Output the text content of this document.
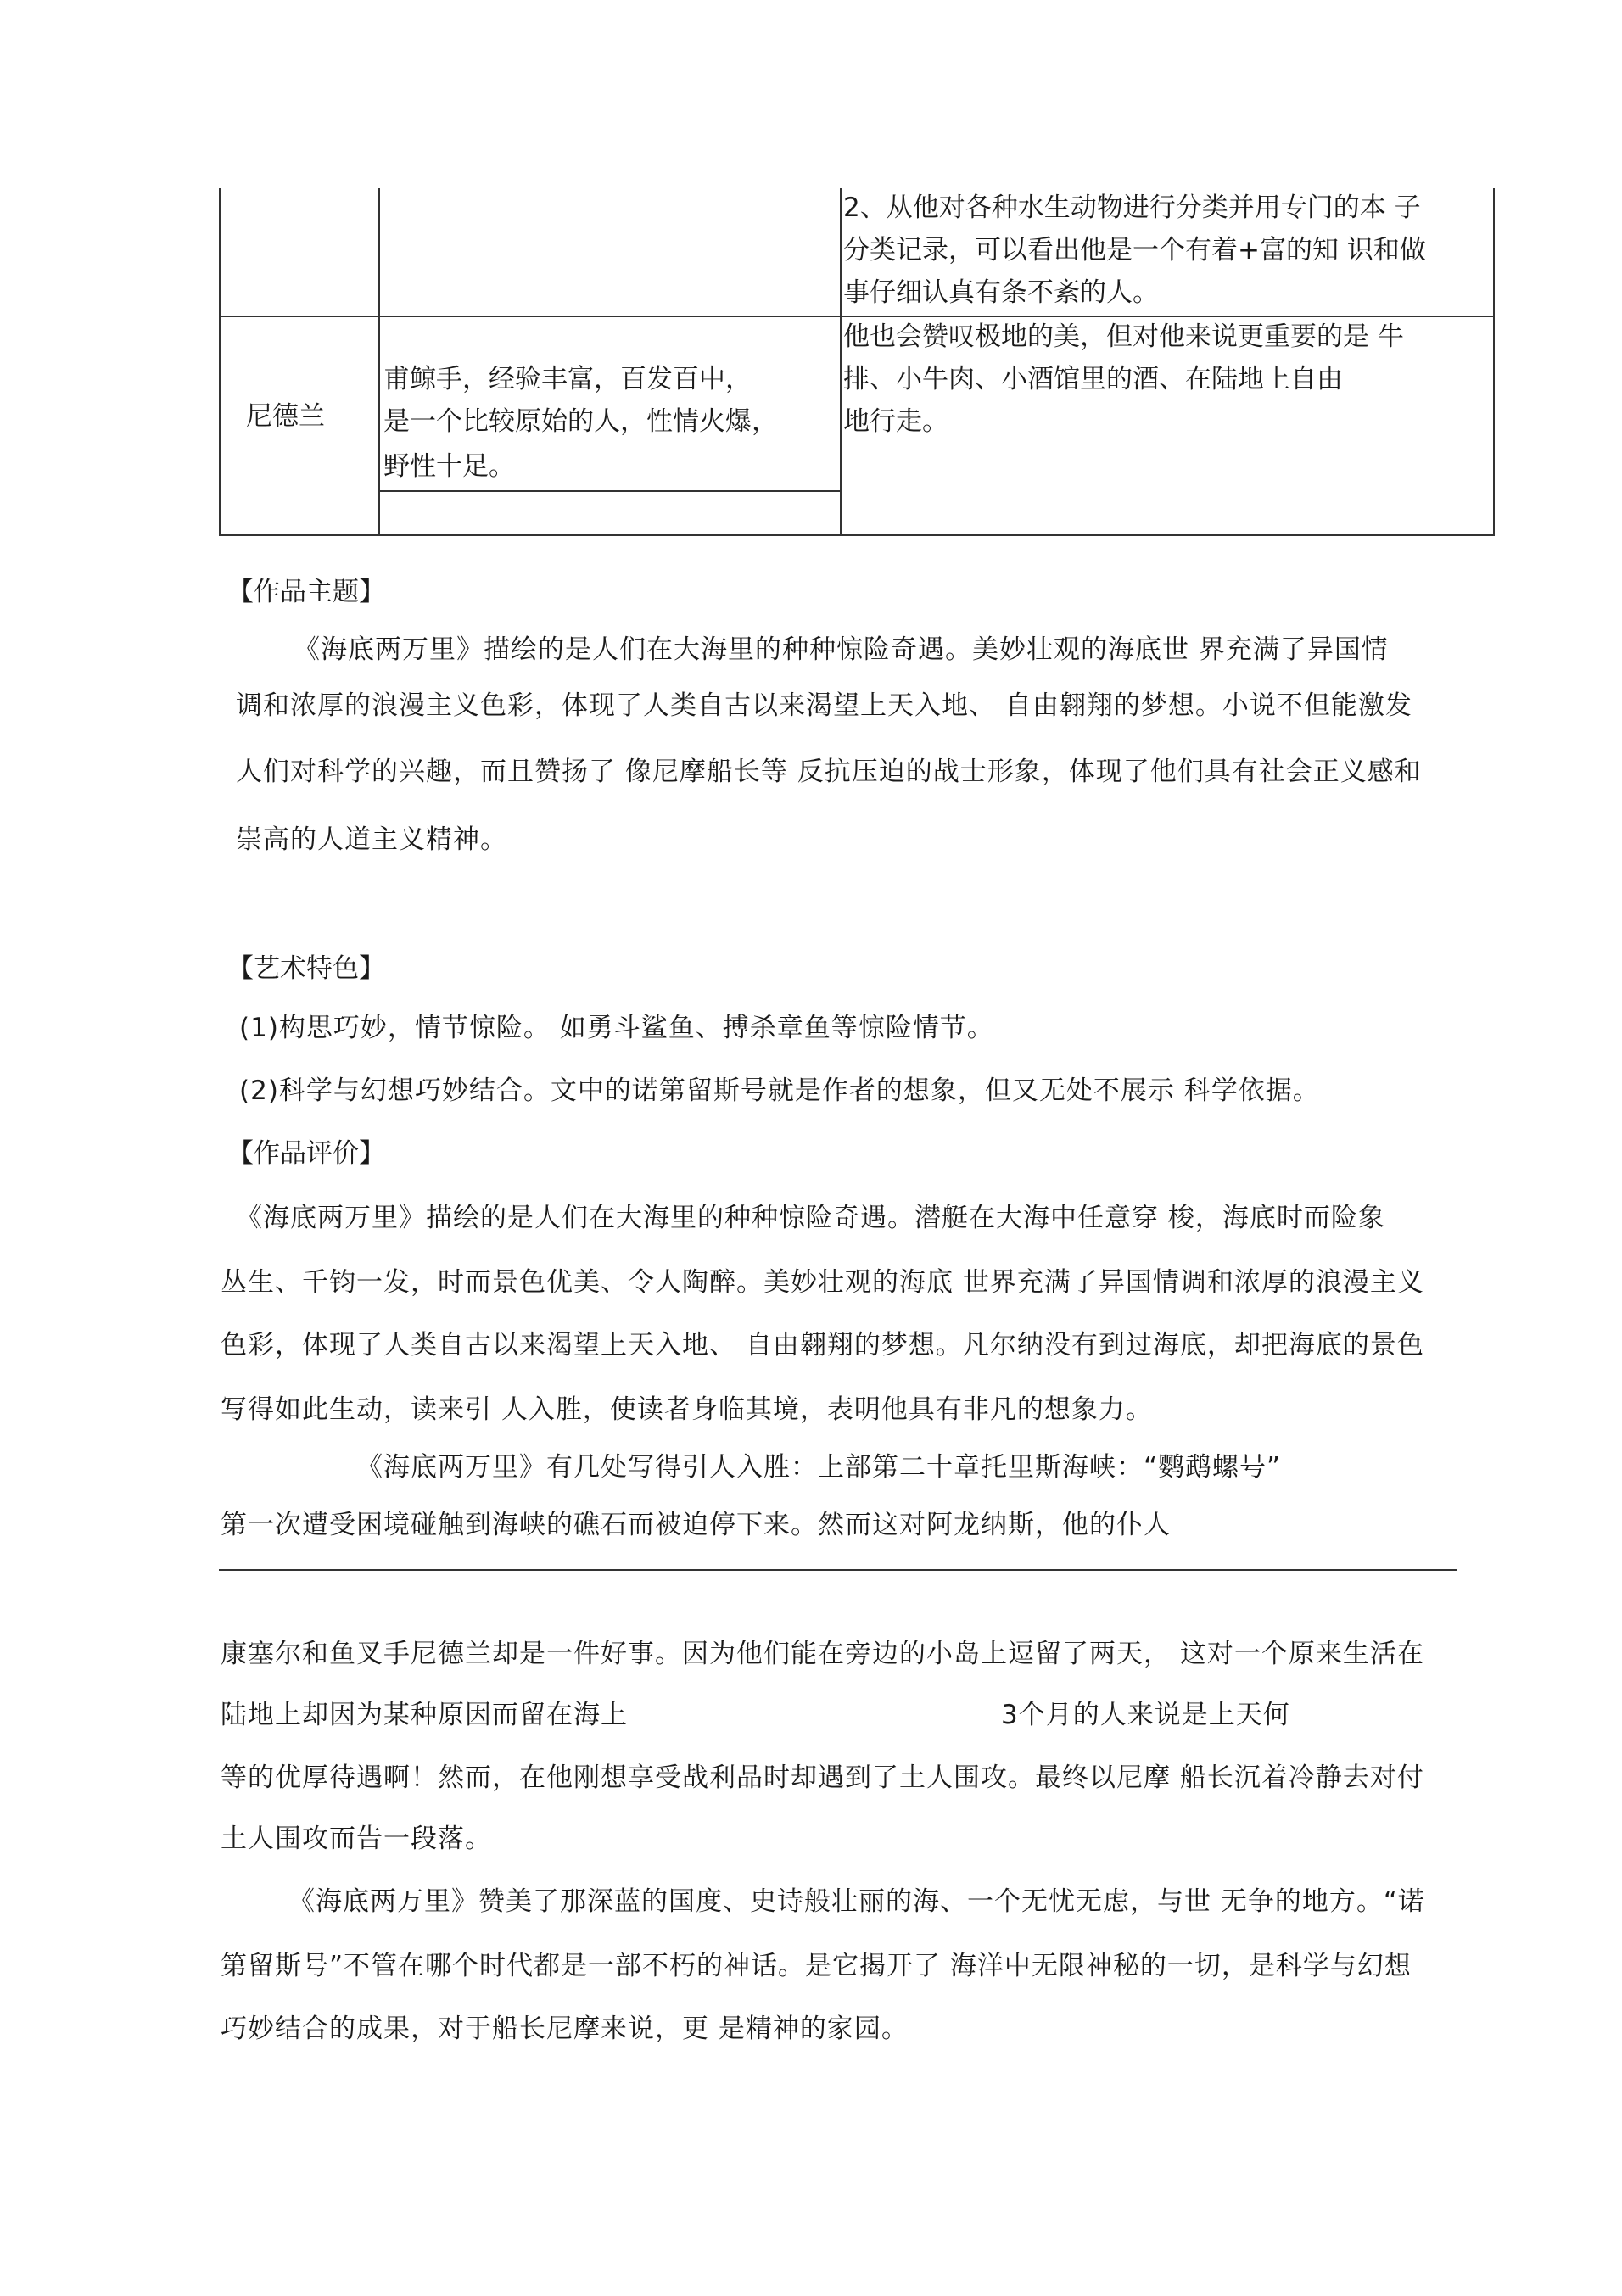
2、从他对各种水生动物进行分类并用专门的本 子
分类记录，可以看出他是一个有着+富的知 识和做
事仔细认真有条不紊的人。
尼德兰
甫鲸手，经验丰富，百发百中，
是一个比较原始的人，性情火爆，
野性十足。
他也会赞叹极地的美，但对他来说更重要的是 牛
排、小牛肉、小酒馆里的酒、在陆地上自由
地行走。
【作品主题】
《海底两万里》描绘的是人们在大海里的种种惊险奇遇。美妙壮观的海底世 界充满了异国情
调和浓厚的浪漫主义色彩，体现了人类自古以来渴望上天入地、 自由翱翔的梦想。小说不但能激发
人们对科学的兴趣，而且赞扬了 像尼摩船长等 反抗压迫的战士形象，体现了他们具有社会正义感和
崇高的人道主义精神。
【艺术特色】
(1)构思巧妙，情节惊险。 如勇斗鲨鱼、搏杀章鱼等惊险情节。
(2)科学与幻想巧妙结合。文中的诺第留斯号就是作者的想象，但又无处不展示 科学依据。
【作品评价】
《海底两万里》描绘的是人们在大海里的种种惊险奇遇。潜艇在大海中任意穿 梭，海底时而险象
丛生、千钧一发，时而景色优美、令人陶醉。美妙壮观的海底 世界充满了异国情调和浓厚的浪漫主义
色彩，体现了人类自古以来渴望上天入地、 自由翱翔的梦想。凡尔纳没有到过海底，却把海底的景色
写得如此生动，读来引 人入胜，使读者身临其境，表明他具有非凡的想象力。
《海底两万里》有几处写得引人入胜：上部第二十章托里斯海峡：“鹦鹉螺号”
第一次遭受困境碰触到海峡的礁石而被迫停下来。然而这对阿龙纳斯，他的仆人
康塞尔和鱼叉手尼德兰却是一件好事。因为他们能在旁边的小岛上逗留了两天， 这对一个原来生活在
陆地上却因为某种原因而留在海上	3个月的人来说是上天何
等的优厚待遇啊！然而，在他刚想享受战利品时却遇到了土人围攻。最终以尼摩 船长沉着冷静去对付
土人围攻而告一段落。
《海底两万里》赞美了那深蓝的国度、史诗般壮丽的海、一个无忧无虑，与世 无争的地方。“诺
第留斯号”不管在哪个时代都是一部不朽的神话。是它揭开了 海洋中无限神秘的一切，是科学与幻想
巧妙结合的成果，对于船长尼摩来说，更 是精神的家园。
